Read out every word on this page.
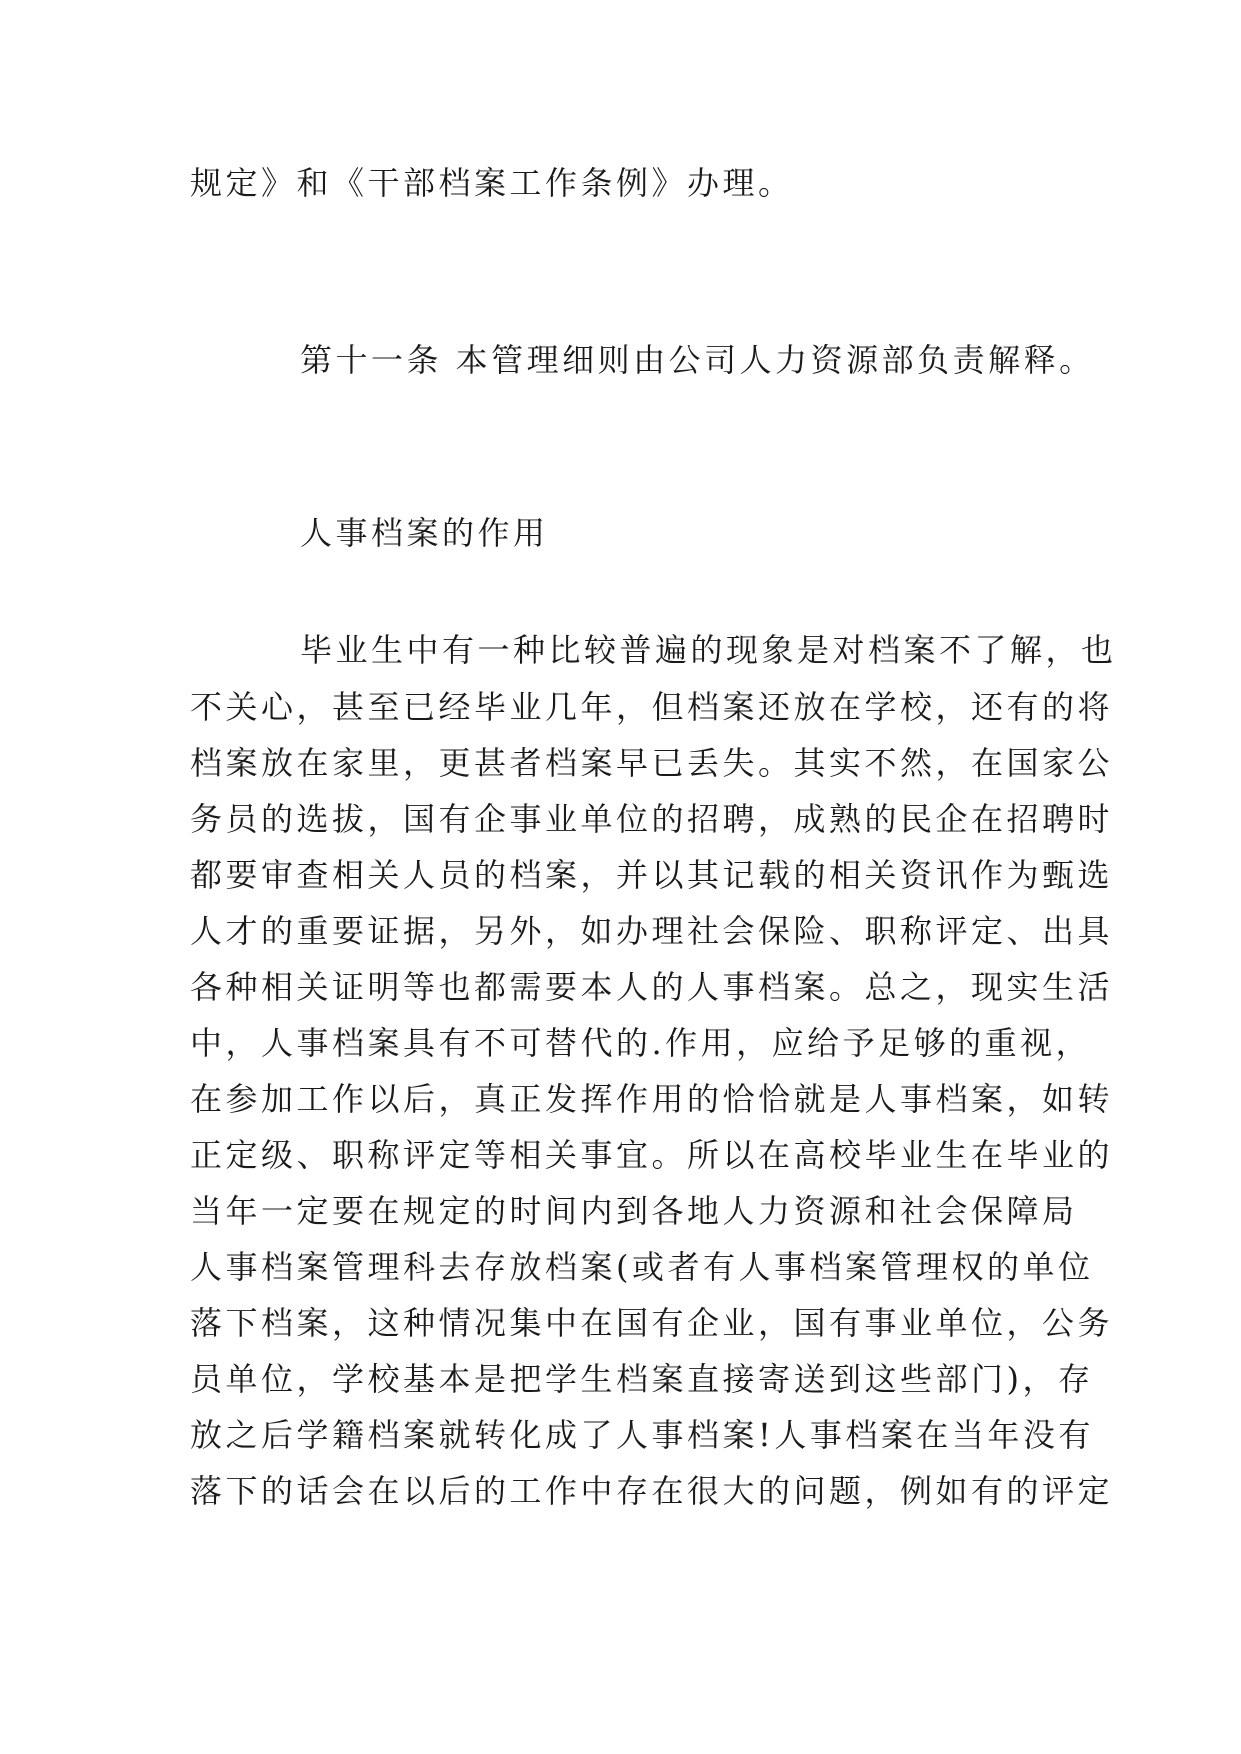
规定》和《干部档案工作条例》办理。
第十一条 本管理细则由公司人力资源部负责解释。
人事档案的作用
毕业生中有一种比较普遍的现象是对档案不了解，也
不关心，甚至已经毕业几年，但档案还放在学校，还有的将
档案放在家里，更甚者档案早已丢失。其实不然，在国家公
务员的选拔，国有企事业单位的招聘，成熟的民企在招聘时
都要审查相关人员的档案，并以其记载的相关资讯作为甄选
人才的重要证据，另外，如办理社会保险、职称评定、出具
各种相关证明等也都需要本人的人事档案。总之，现实生活
中，人事档案具有不可替代的.作用，应给予足够的重视，
在参加工作以后，真正发挥作用的恰恰就是人事档案，如转
正定级、职称评定等相关事宜。所以在高校毕业生在毕业的
当年一定要在规定的时间内到各地人力资源和社会保障局
人事档案管理科去存放档案(或者有人事档案管理权的单位
落下档案，这种情况集中在国有企业，国有事业单位，公务
员单位，学校基本是把学生档案直接寄送到这些部门)，存
放之后学籍档案就转化成了人事档案!人事档案在当年没有
落下的话会在以后的工作中存在很大的问题，例如有的评定
